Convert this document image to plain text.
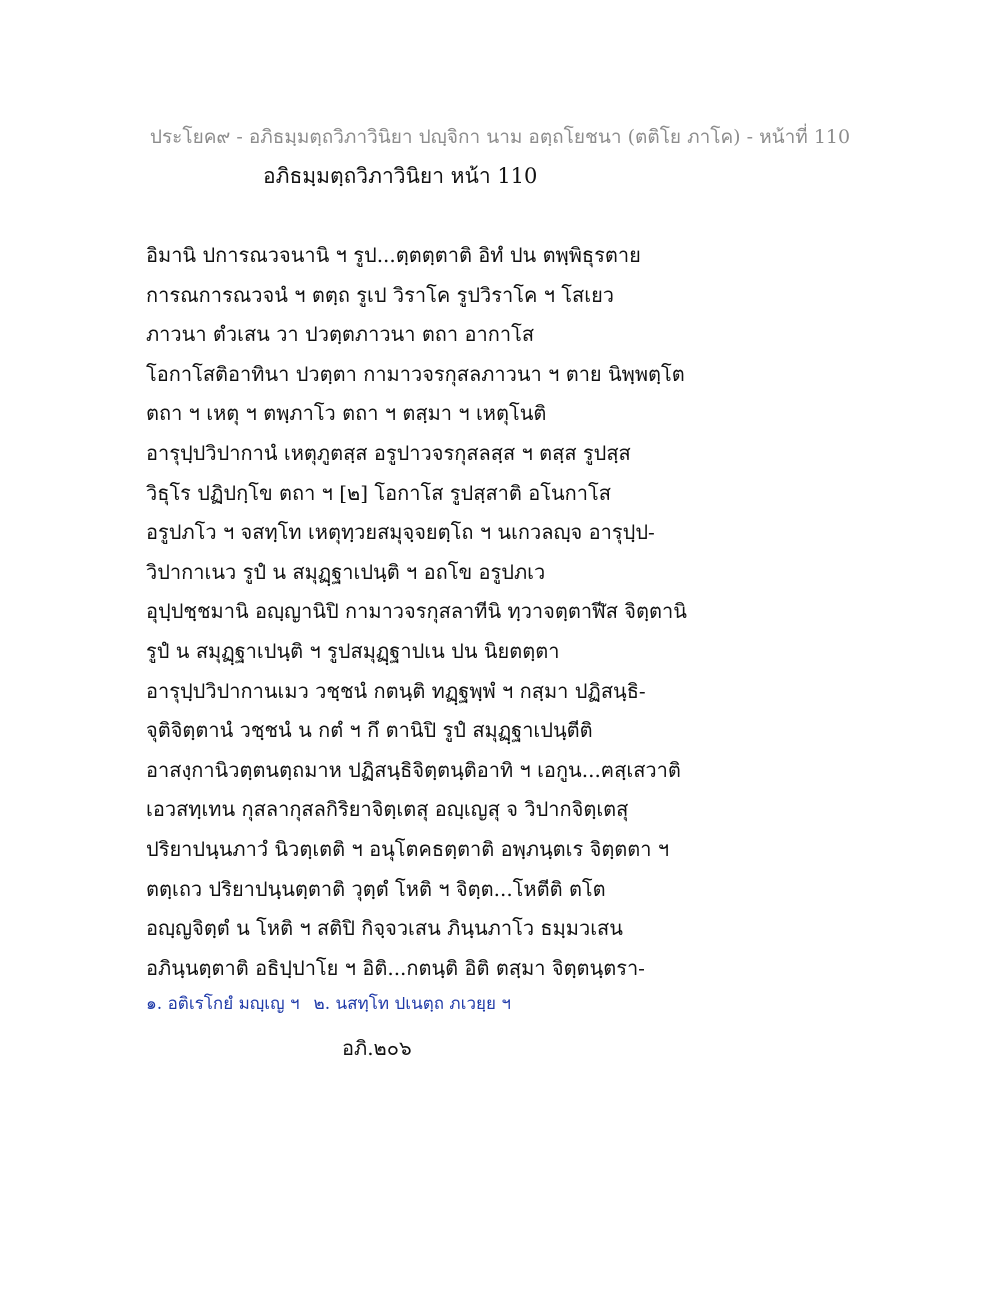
ประโยค๙ - อภิธมฺมตฺถวิภาวินิยา ปญฺจิกา นาม อตฺถโยชนา (ตติโย ภาโค) - หน้าที่ 110
อภิธมฺมตฺถวิภาวินิยา หน้า 110
อิมานิ ปการณวจนานิ ฯ รูป...ตฺตตฺตาติ อิทํ ปน ตพฺพิธุรตาย
การณการณวจนํ ฯ ตตฺถ รูเป วิราโค รูปวิราโค ฯ โสเยว
ภาวนา ตํวเสน วา ปวตฺตภาวนา ตถา อากาโส
โอกาโสติอาทินา ปวตฺตา กามาวจรกุสลภาวนา ฯ ตาย นิพฺพตฺโต
ตถา ฯ เหตุ ฯ ตพฺภาโว ตถา ฯ ตสฺมา ฯ เหตุโนติ
อารุปฺปวิปากานํ เหตุภูตสฺส อรูปาวจรกุสลสฺส ฯ ตสฺส รูปสฺส
วิธุโร ปฏิปกฺโข ตถา ฯ [๒] โอกาโส รูปสฺสาติ อโนกาโส
อรูปภโว ฯ จสทฺโท เหตุทฺวยสมุจฺจยตฺโถ ฯ นเกวลญฺจ อารุปฺป-
วิปากาเนว รูปํ น สมุฏฺฐาเปนฺติ ฯ อถโข อรูปภเว
อุปฺปชฺชมานิ อญฺญานิปิ กามาวจรกุสลาทีนิ ทฺวาจตฺตาฬีส จิตฺตานิ
รูปํ น สมุฏฺฐาเปนฺติ ฯ รูปสมุฏฺฐาปเน ปน นิยตตฺตา
อารุปฺปวิปากานเมว วชฺชนํ กตนฺติ ทฏฺฐพฺพํ ฯ กสฺมา ปฏิสนฺธิ-
จุติจิตฺตานํ วชฺชนํ น กตํ ฯ กึ ตานิปิ รูปํ สมุฏฺฐาเปนฺตีติ
อาสงฺกานิวตฺตนตฺถมาห ปฏิสนฺธิจิตฺตนฺติอาทิ ฯ เอกูน...ฅสฺเสวาติ
เอวสทฺเทน กุสลากุสลกิริยาจิตฺเตสุ อญฺเญสุ จ วิปากจิตฺเตสุ
ปริยาปนฺนภาวํ นิวตฺเตติ ฯ อนุโตคธตฺตาติ อพฺภนฺตเร จิตฺตตา ฯ
ตตฺเถว ปริยาปนฺนตฺตาติ วุตฺตํ โหติ ฯ จิตฺต...โหตีติ ตโต
อญฺญจิตฺตํ น โหติ ฯ สติปิ กิจฺจวเสน ภินฺนภาโว ธมฺมวเสน
อภินฺนตฺตาติ อธิปฺปาโย ฯ อิติ...กตนฺติ อิติ ตสฺมา จิตฺตนฺตรา-
๑. อติเรโกยํ มญฺเญ ฯ ๒. นสทฺโท ปเนตฺถ ภเวยฺย ฯ
อภิ.๒๐๖
